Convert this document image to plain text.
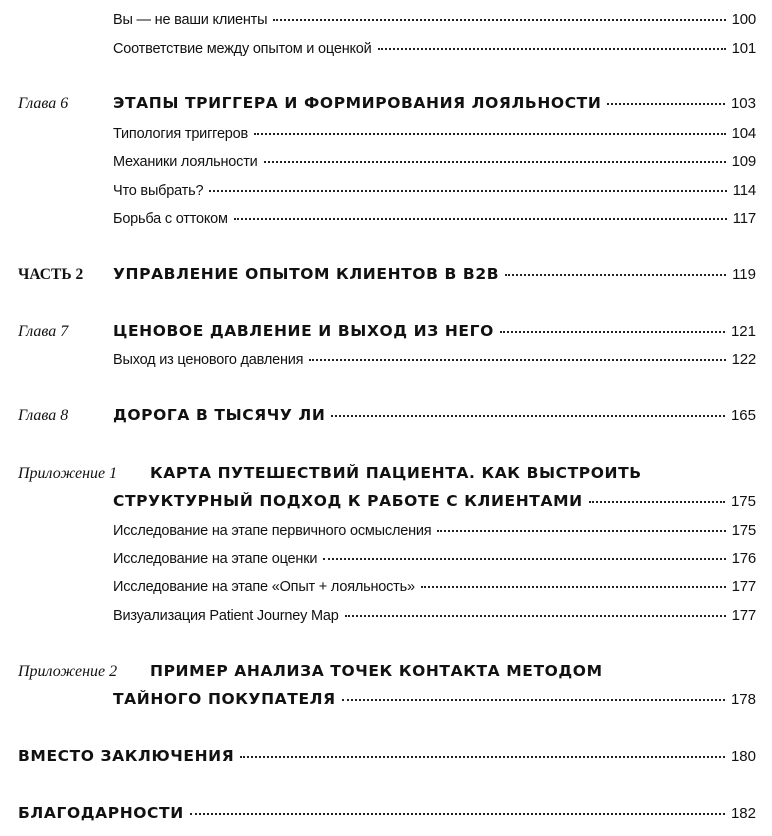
Вы — не ваши клиенты	100
Соответствие между опытом и оценкой	101
Глава 6	ЭТАПЫ ТРИГГЕРА И ФОРМИРОВАНИЯ ЛОЯЛЬНОСТИ	103
Типология триггеров	104
Механики лояльности	109
Что выбрать?	114
Борьба с оттоком	117
ЧАСТЬ 2	УПРАВЛЕНИЕ ОПЫТОМ КЛИЕНТОВ В B2B	119
Глава 7	ЦЕНОВОЕ ДАВЛЕНИЕ И ВЫХОД ИЗ НЕГО	121
Выход из ценового давления	122
Глава 8	ДОРОГА В ТЫСЯЧУ ЛИ	165
Приложение 1	КАРТА ПУТЕШЕСТВИЙ ПАЦИЕНТА. КАК ВЫСТРОИТЬ
СТРУКТУРНЫЙ ПОДХОД К РАБОТЕ С КЛИЕНТАМИ	175
Исследование на этапе первичного осмысления	175
Исследование на этапе оценки	176
Исследование на этапе «Опыт + лояльность»	177
Визуализация Patient Journey Map	177
Приложение 2	ПРИМЕР АНАЛИЗА ТОЧЕК КОНТАКТА МЕТОДОМ
ТАЙНОГО ПОКУПАТЕЛЯ	178
ВМЕСТО ЗАКЛЮЧЕНИЯ	180
БЛАГОДАРНОСТИ	182
